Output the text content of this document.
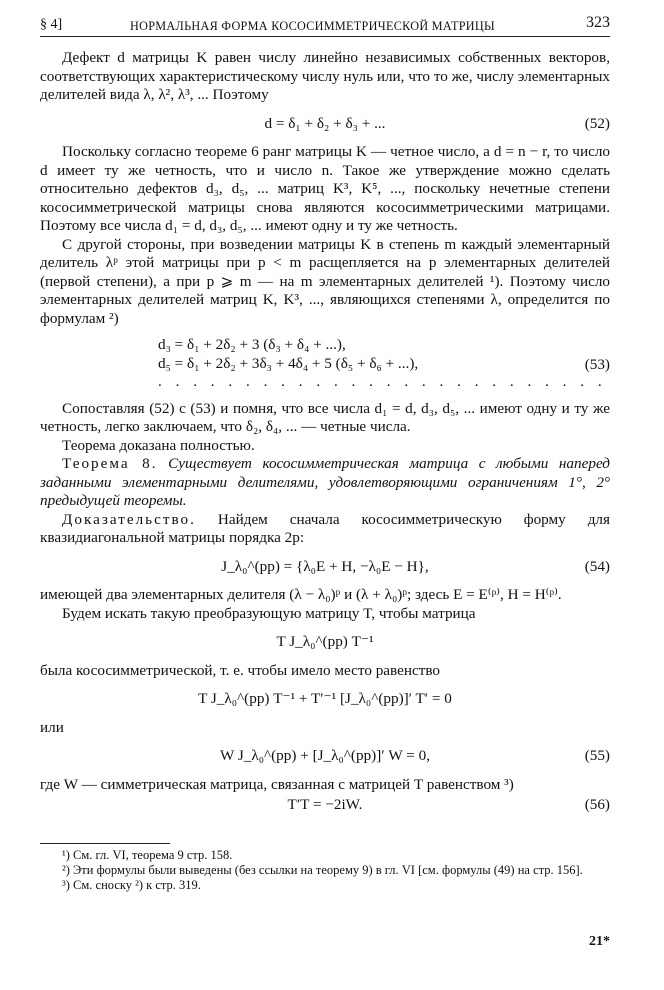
§ 4]	НОРМАЛЬНАЯ ФОРМА КОСОСИММЕТРИЧЕСКОЙ МАТРИЦЫ	323

Дефект d матрицы K равен числу линейно независимых собственных векторов, соответствующих характеристическому числу нуль или, что то же, числу элементарных делителей вида λ, λ², λ³, ... Поэтому

d = δ₁ + δ₂ + δ₃ + ...	(52)

Поскольку согласно теореме 6 ранг матрицы K — четное число, а d = n − r, то число d имеет ту же четность, что и число n. Такое же утверждение можно сделать относительно дефектов d₃, d₅, ... матриц K³, K⁵, ..., поскольку нечетные степени кососимметрической матрицы снова являются кососимметрическими матрицами. Поэтому все числа d₁ = d, d₃, d₅, ... имеют одну и ту же четность.

С другой стороны, при возведении матрицы K в степень m каждый элементарный делитель λᵖ этой матрицы при p < m расщепляется на p элементарных делителей (первой степени), а при p ⩾ m — на m элементарных делителей ¹). Поэтому число элементарных делителей матриц K, K³, ..., являющихся степенями λ, определится по формулам ²)

d₃ = δ₁ + 2δ₂ + 3 (δ₃ + δ₄ + ...),
d₅ = δ₁ + 2δ₂ + 3δ₃ + 4δ₄ + 5 (δ₅ + δ₆ + ...),
. . . . . . . . . . . . . . . . . . . . . . . . . .
(53)

Сопоставляя (52) с (53) и помня, что все числа d₁ = d, d₃, d₅, ... имеют одну и ту же четность, легко заключаем, что δ₂, δ₄, ... — четные числа.

Теорема доказана полностью.

Теорема 8. Существует кососимметрическая матрица с любыми наперед заданными элементарными делителями, удовлетворяющими ограничениям 1°, 2° предыдущей теоремы.

Доказательство. Найдем сначала кососимметрическую форму для квазидиагональной матрицы порядка 2p:

J_λ₀^(pp) = {λ₀E + H, −λ₀E − H},	(54)

имеющей два элементарных делителя (λ − λ₀)ᵖ и (λ + λ₀)ᵖ; здесь E = E⁽ᵖ⁾, H = H⁽ᵖ⁾.

Будем искать такую преобразующую матрицу T, чтобы матрица

T J_λ₀^(pp) T⁻¹

была кососимметрической, т. е. чтобы имело место равенство

T J_λ₀^(pp) T⁻¹ + T′⁻¹ [J_λ₀^(pp)]′ T′ = 0

или

W J_λ₀^(pp) + [J_λ₀^(pp)]′ W = 0,	(55)

где W — симметрическая матрица, связанная с матрицей T равенством ³)

T′T = −2iW.	(56)

¹) См. гл. VI, теорема 9 стр. 158.

²) Эти формулы были выведены (без ссылки на теорему 9) в гл. VI [см. формулы (49) на стр. 156].

³) См. сноску ²) к стр. 319.

21*
